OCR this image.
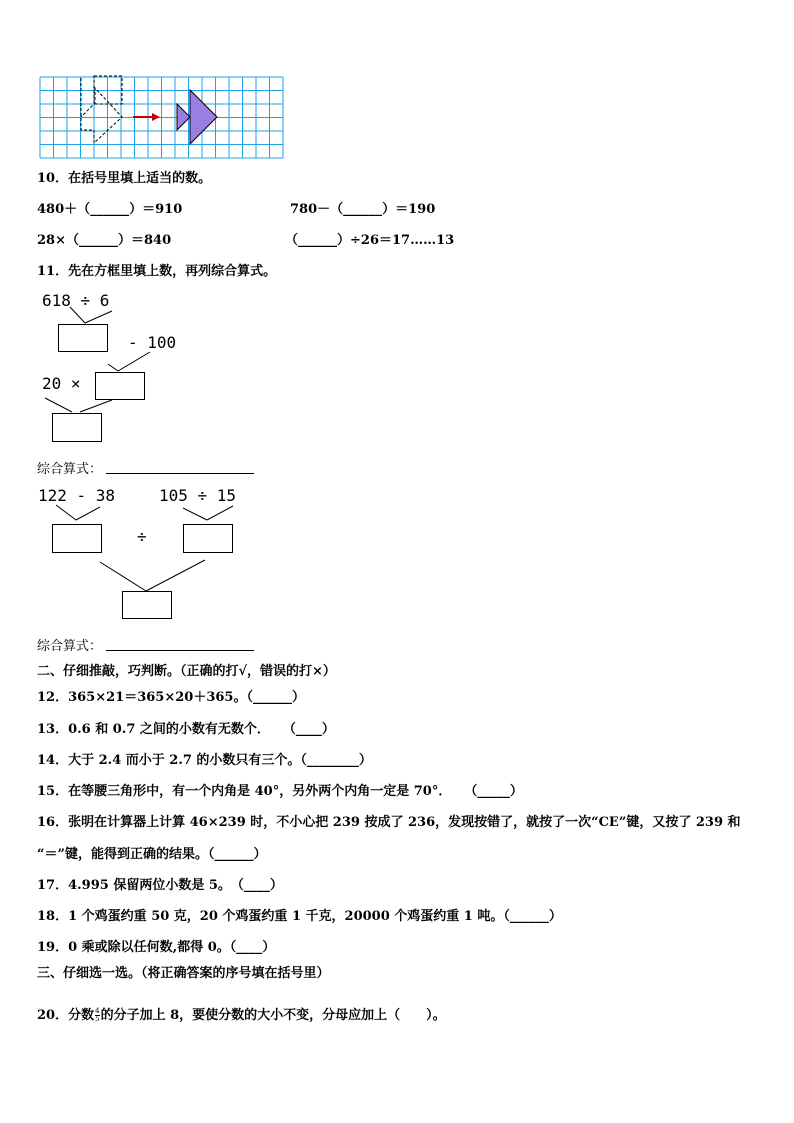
10．在括号里填上适当的数。
480＋（______）＝910	780－（______）＝190
28×（______）＝840	（______）÷26＝17……13
11．先在方框里填上数，再列综合算式。
618 ÷ 6
- 100
20 ×
综合算式：
122 - 38	105 ÷ 15
÷
综合算式：
二、仔细推敲，巧判断。（正确的打√，错误的打×）
12．365×21＝365×20＋365。（______）
13．0.6 和 0.7 之间的小数有无数个．　　（____）
14．大于 2.4 而小于 2.7 的小数只有三个。（________）
15．在等腰三角形中，有一个内角是 40°，另外两个内角一定是 70°．　　（_____）
16．张明在计算器上计算 46×239 时，不小心把 239 按成了 236，发现按错了，就按了一次“CE”键，又按了 239 和
“＝”键，能得到正确的结果。（______）
17．4.995 保留两位小数是 5。　（____）
18．1 个鸡蛋约重 50 克，20 个鸡蛋约重 1 千克，20000 个鸡蛋约重 1 吨。（______）
19．0 乘或除以任何数,都得 0。（____）
三、仔细选一选。（将正确答案的序号填在括号里）
20．分数 $\frac{4}{5}$ 的分子加上 8，要使分数的大小不变，分母应加上（　　）。
